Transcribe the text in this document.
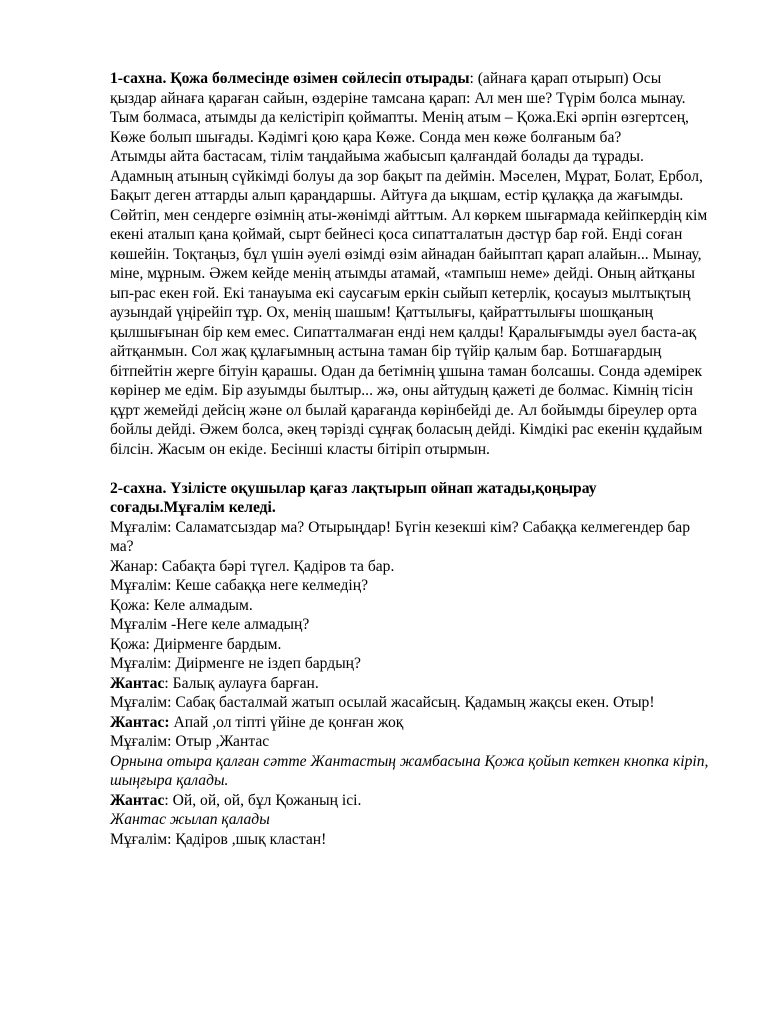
1-сахна. Қожа бөлмесінде өзімен сөйлесіп отырады: (айнаға қарап отырып) Осы қыздар айнаға қараған сайын, өздеріне тамсана қарап: Ал мен ше? Түрім болса мынау. Тым болмаса, атымды да келістіріп қоймапты. Менің атым – Қожа.Екі әрпін өзгертсең, Көже болып шығады. Кәдімгі қою қара Көже. Сонда мен көже болғаным ба?

Атымды айта бастасам, тілім таңдайыма жабысып қалғандай болады да тұрады. Адамның атының сүйкімді болуы да зор бақыт па деймін. Мәселен, Мұрат, Болат, Ербол, Бақыт деген аттарды алып қараңдаршы. Айтуға да ықшам, естір құлаққа да жағымды. Сөйтіп, мен сендерге өзімнің аты-жөнімді айттым. Ал көркем шығармада кейіпкердің кім екені аталып қана қоймай, сырт бейнесі қоса сипатталатын дәстүр бар ғой. Енді соған көшейін. Тоқтаңыз, бұл үшін әуелі өзімді өзім айнадан байыптап қарап алайын... Мынау, міне, мұрным. Әжем кейде менің атымды атамай, «тампыш неме» дейді. Оның айтқаны ып-рас екен ғой. Екі танауыма екі саусағым еркін сыйып кетерлік, қосауыз мылтықтың аузындай үңірейіп тұр. Ох, менің шашым! Қаттылығы, қайраттылығы шошқаның қылшығынан бір кем емес. Сипатталмаған енді нем қалды! Қаралығымды әуел баста-ақ айтқанмын. Сол жақ құлағымның астына таман бір түйір қалым бар. Ботшағардың бітпейтін жерге бітуін қарашы. Одан да бетімнің ұшына таман болсашы. Сонда әдемірек көрінер ме едім. Бір азуымды былтыр... жә, оны айтудың қажеті де болмас. Кімнің тісін құрт жемейді дейсің және ол былай қарағанда көрінбейді де. Ал бойымды біреулер орта бойлы дейді. Әжем болса, әкең тәрізді сұңғақ боласың дейді. Кімдікі рас екенін құдайым білсін. Жасым он екіде. Бесінші класты бітіріп отырмын.

2-сахна. Үзілісте оқушылар қағаз лақтырып ойнап жатады,қоңырау соғады.Мұғалім келеді.

Мұғалім: Саламатсыздар ма? Отырыңдар! Бүгін кезекші кім? Сабаққа келмегендер бар ма?

Жанар: Сабақта бәрі түгел. Қадіров та бар.

Мұғалім: Кеше сабаққа неге келмедің?

Қожа: Келе алмадым.

Мұғалім -Неге келе алмадың?

Қожа: Диірменге бардым.

Мұғалім: Диірменге не іздеп бардың?

Жантас: Балық аулауға барған.

Мұғалім: Сабақ басталмай жатып осылай жасайсың. Қадамың жақсы екен. Отыр!

Жантас: Апай ,ол тіпті үйіне де қонған жоқ

Мұғалім: Отыр ,Жантас

Орнына отыра қалған сәтте Жантастың жамбасына Қожа қойып кеткен кнопка кіріп, шыңғыра қалады.

Жантас: Ой, ой, ой, бұл Қожаның ісі.

Жантас жылап қалады

Мұғалім: Қадіров ,шық кластан!
